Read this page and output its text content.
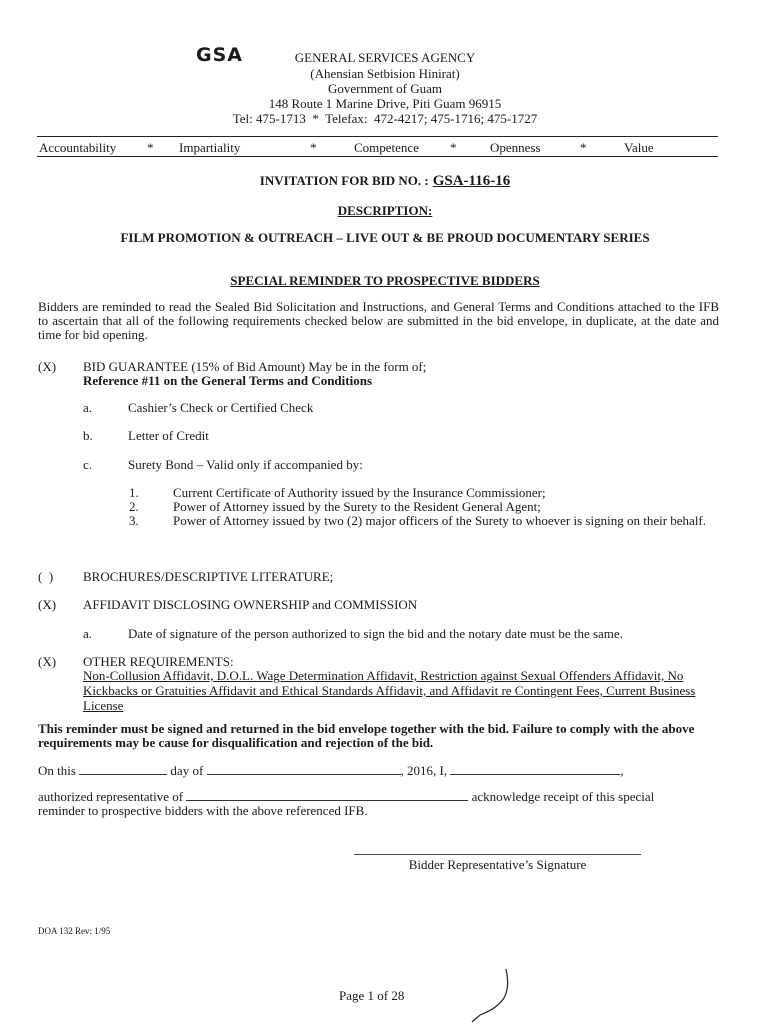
GSA	GENERAL SERVICES AGENCY
(Ahensian Setbision Hinirat)
Government of Guam
148 Route 1 Marine Drive, Piti Guam 96915
Tel: 475-1713  *  Telefax:  472-4217; 475-1716; 475-1727
Accountability * Impartiality	*	Competence *	Openness	*	Value
INVITATION FOR BID NO. : GSA-116-16
DESCRIPTION:
FILM PROMOTION & OUTREACH – LIVE OUT & BE PROUD DOCUMENTARY SERIES
SPECIAL REMINDER TO PROSPECTIVE BIDDERS
Bidders are reminded to read the Sealed Bid Solicitation and Instructions, and General Terms and Conditions attached to the IFB to ascertain that all of the following requirements checked below are submitted in the bid envelope, in duplicate, at the date and time for bid opening.
(X) BID GUARANTEE (15% of Bid Amount) May be in the form of;
Reference #11 on the General Terms and Conditions
a.	Cashier’s Check or Certified Check
b.	Letter of Credit
c.	Surety Bond – Valid only if accompanied by:
1.	Current Certificate of Authority issued by the Insurance Commissioner;
2.	Power of Attorney issued by the Surety to the Resident General Agent;
3.	Power of Attorney issued by two (2) major officers of the Surety to whoever is signing on their behalf.
(  ) BROCHURES/DESCRIPTIVE LITERATURE;
(X) AFFIDAVIT DISCLOSING OWNERSHIP and COMMISSION
a.	Date of signature of the person authorized to sign the bid and the notary date must be the same.
(X) OTHER REQUIREMENTS:
Non-Collusion Affidavit, D.O.L. Wage Determination Affidavit, Restriction against Sexual Offenders Affidavit, No Kickbacks or Gratuities Affidavit and Ethical Standards Affidavit, and Affidavit re Contingent Fees, Current Business License
This reminder must be signed and returned in the bid envelope together with the bid. Failure to comply with the above requirements may be cause for disqualification and rejection of the bid.
On this	day of	, 2016, I,	,
authorized representative of	acknowledge receipt of this special
reminder to prospective bidders with the above referenced IFB.
Bidder Representative’s Signature
DOA 132 Rev: 1/95
Page 1 of 28
